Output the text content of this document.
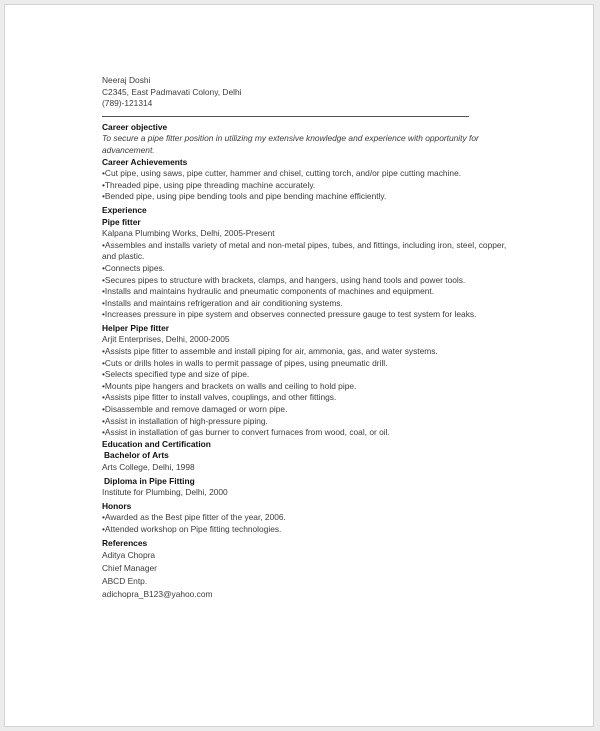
Neeraj Doshi
C2345, East Padmavati Colony, Delhi
(789)-121314
Career objective
To secure a pipe fitter position in utilizing my extensive knowledge and experience with opportunity for advancement.
Career Achievements
•Cut pipe, using saws, pipe cutter, hammer and chisel, cutting torch, and/or pipe cutting machine.
•Threaded pipe, using pipe threading machine accurately.
•Bended pipe, using pipe bending tools and pipe bending machine efficiently.
Experience
Pipe fitter
Kalpana Plumbing Works, Delhi, 2005-Present
•Assembles and installs variety of metal and non-metal pipes, tubes, and fittings, including iron, steel, copper, and plastic.
•Connects pipes.
•Secures pipes to structure with brackets, clamps, and hangers, using hand tools and power tools.
•Installs and maintains hydraulic and pneumatic components of machines and equipment.
•Installs and maintains refrigeration and air conditioning systems.
•Increases pressure in pipe system and observes connected pressure gauge to test system for leaks.
Helper Pipe fitter
Arjit Enterprises, Delhi, 2000-2005
•Assists pipe fitter to assemble and install piping for air, ammonia, gas, and water systems.
•Cuts or drills holes in walls to permit passage of pipes, using pneumatic drill.
•Selects specified type and size of pipe.
•Mounts pipe hangers and brackets on walls and ceiling to hold pipe.
•Assists pipe fitter to install valves, couplings, and other fittings.
•Disassemble and remove damaged or worn pipe.
•Assist in installation of high-pressure piping.
•Assist in installation of gas burner to convert furnaces from wood, coal, or oil.
Education and Certification
Bachelor of Arts
Arts College, Delhi, 1998
Diploma in Pipe Fitting
Institute for Plumbing, Delhi, 2000
Honors
•Awarded as the Best pipe fitter of the year, 2006.
•Attended workshop on Pipe fitting technologies.
References
Aditya Chopra
Chief Manager
ABCD Entp.
adichopra_B123@yahoo.com
